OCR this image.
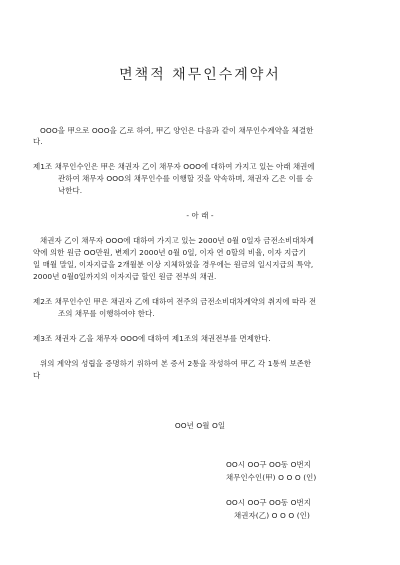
면책적 채무인수계약서
OOO을 甲으로 OOO을 乙로 하여, 甲乙 양인은 다음과 같이 채무인수계약을 체결한
다.
제1조 채무인수인은 甲은 채권자 乙이 채무자 OOO에 대하여 가지고 있는 아래 채권에
관하여 채무자 OOO의 채무인수를 이행할 것을 약속하며, 채권자 乙은 이를 승
낙한다.
- 아 래 -
채권자 乙이 채무자 OOO에 대하여 가지고 있는 2000년 0월 0일자 금전소비대차계
약에 의한 원금 OO만원, 변제기 2000년 0월 0일, 이자 연 0할의 비율, 이자 지급기
일 매월 말일, 이자지급을 2개월분 이상 지체하였을 경우에는 원금의 일시지급의 특약,
2000년 0월0일까지의 이자지급 할인 원금 전부의 채권.
제2조 채무인수인 甲은 채권자 乙에 대하여 전주의 금전소비대차계약의 취지에 따라 전
조의 채무를 이행하여야 한다.
제3조 채권자 乙을 채무자 OOO에 대하여 제1조의 채권전부를 면제한다.
위의 계약의 성립을 증명하기 위하여 본 증서 2통을 작성하여 甲乙 각 1통씩 보존한
다
OO년 O월 O일
OO시 OO구 OO동 O번지
채무인수인(甲) O O O (인)
OO시 OO구 OO동 O번지
채권자(乙) O O O (인)
